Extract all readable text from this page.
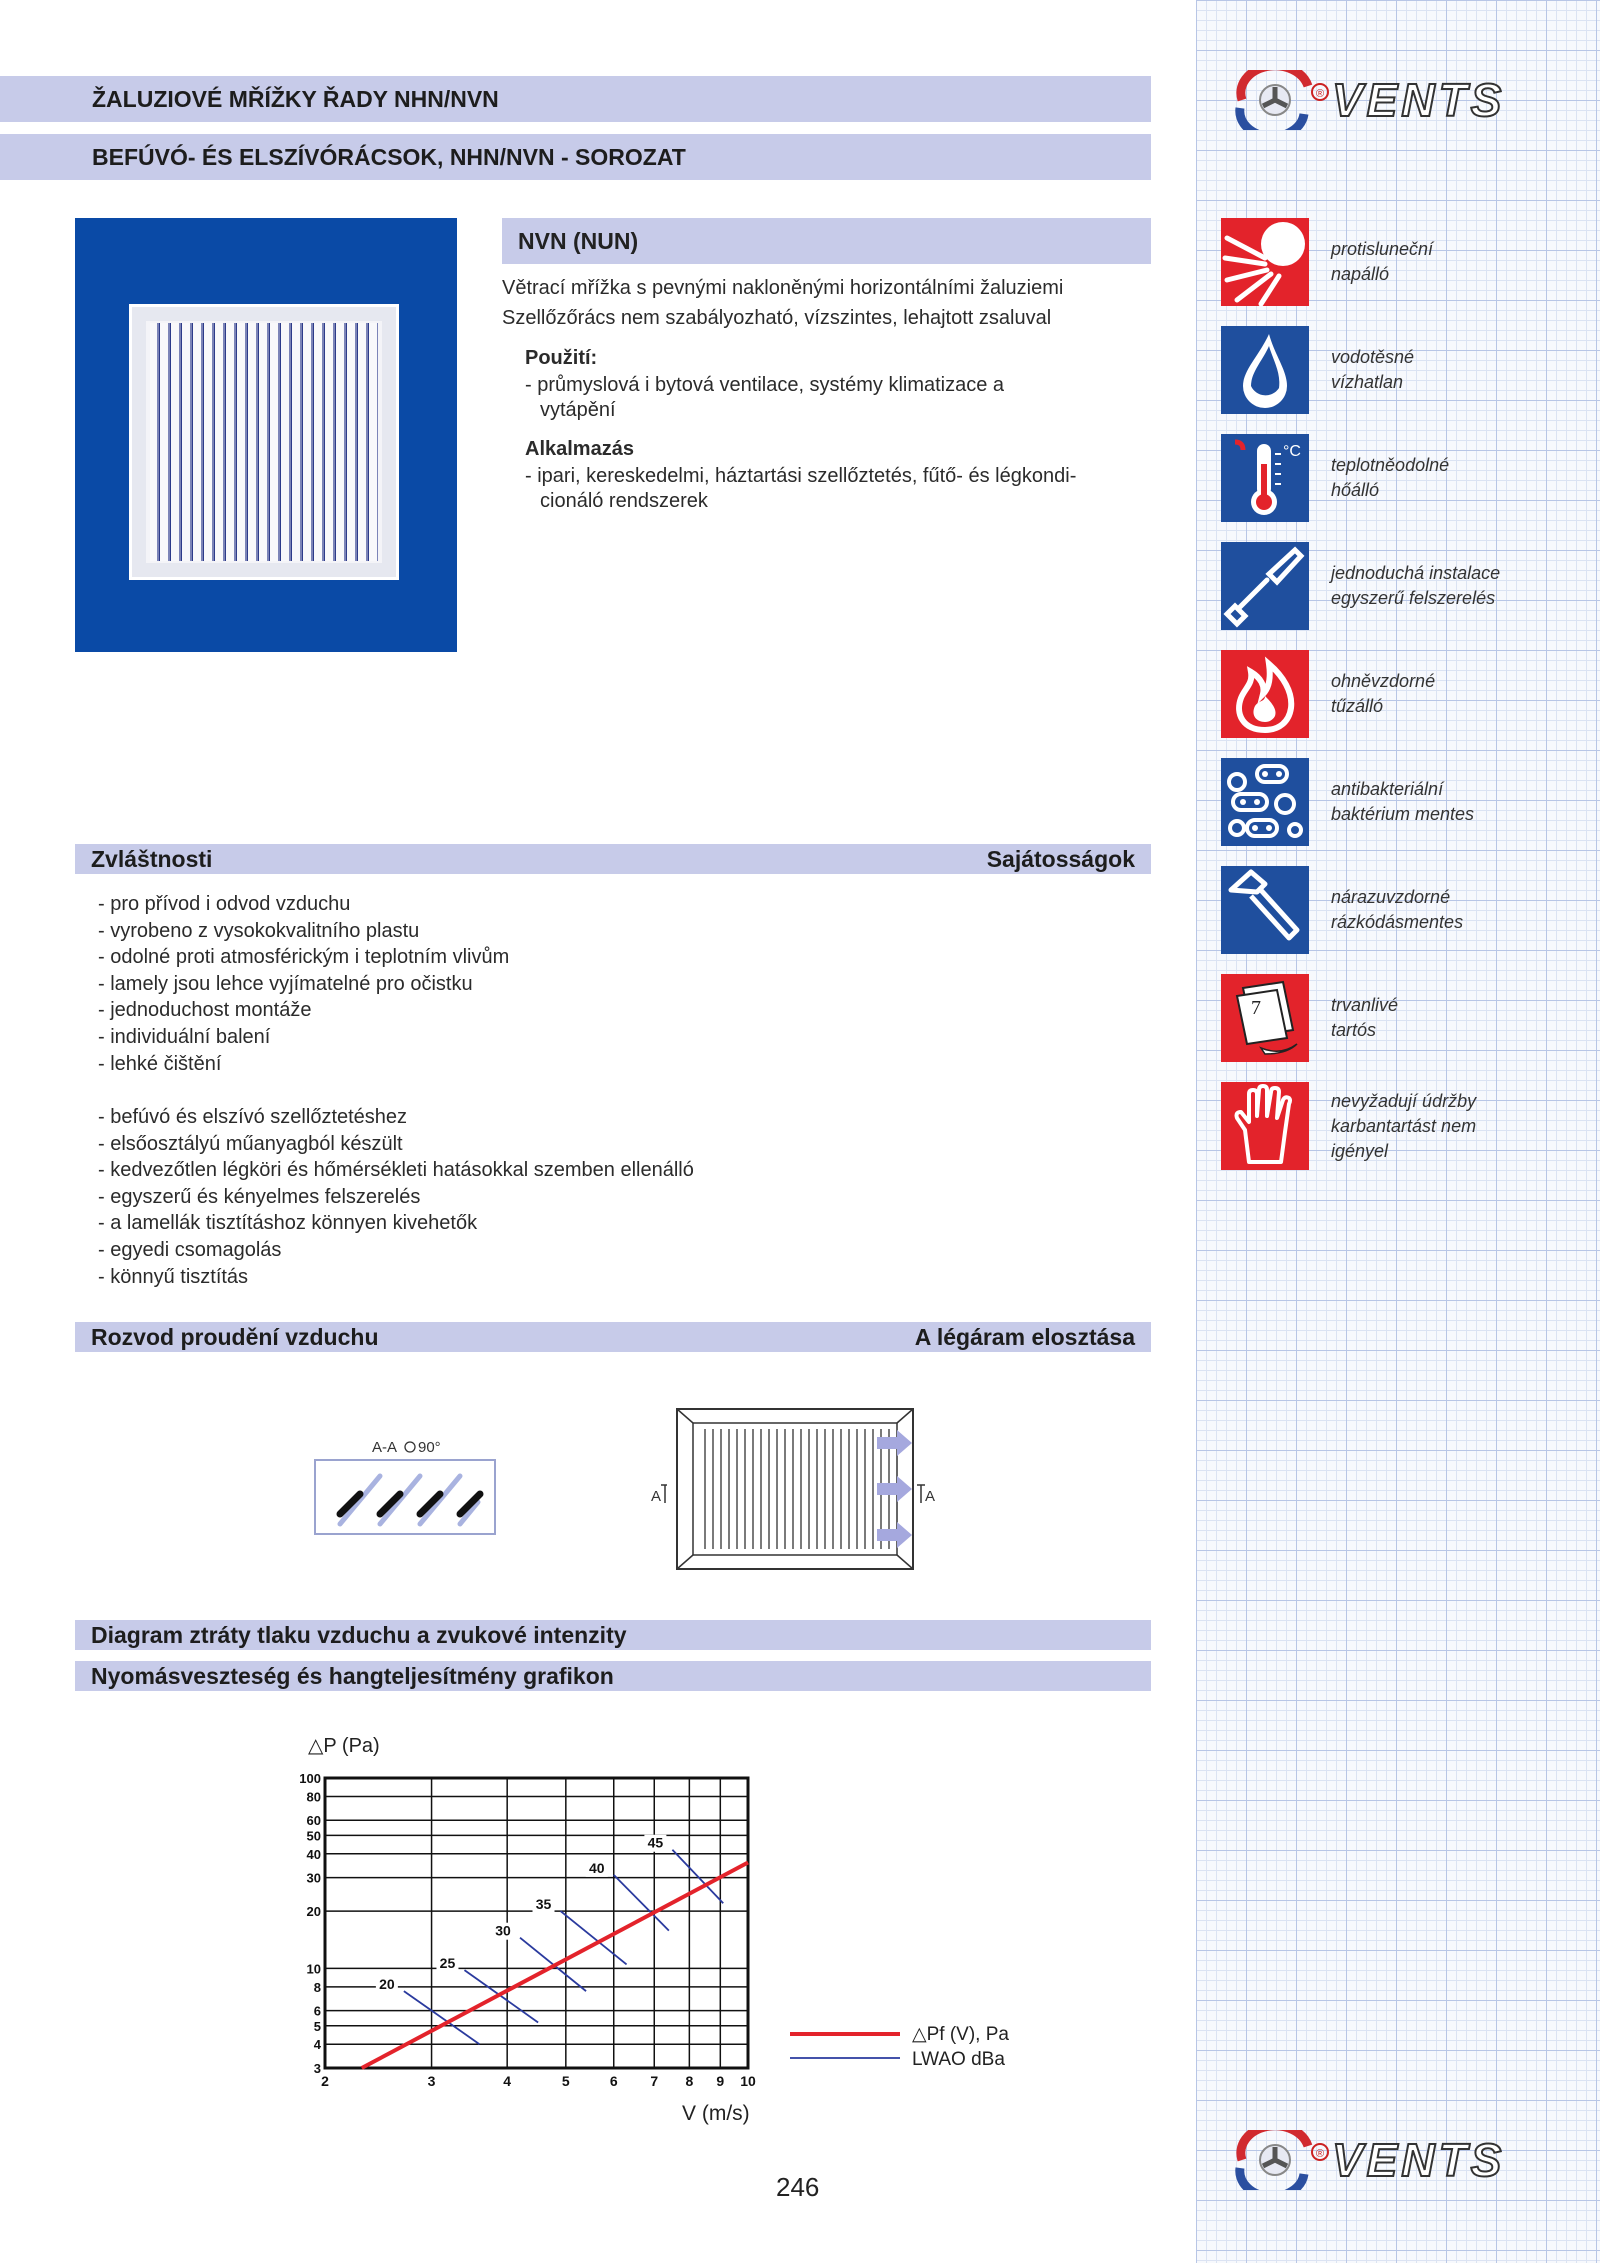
ŽALUZIOVÉ MŘÍŽKY ŘADY NHN/NVN
BEFÚVÓ- ÉS ELSZÍVÓRÁCSOK, NHN/NVN - SOROZAT
® VENTS
® VENTS
NVN (NUN)
Větrací mřížka s pevnými nakloněnými horizontálními žaluziemi
Szellőzőrács nem szabályozható, vízszintes, lehajtott zsaluval
Použití:
- průmyslová i bytová ventilace, systémy klimatizace a
vytápění
Alkalmazás
- ipari, kereskedelmi, háztartási szellőztetés, fűtő- és légkondi-
cionáló rendszerek
protisluneční
napálló
vodotěsné
vízhatlan
°C
teplotněodolné
hőálló
jednoduchá instalace
egyszerű felszerelés
ohněvzdorné
tűzálló
antibakteriální
baktérium mentes
nárazuvzdorné
rázkódásmentes
7	trvanlivé
tartós
nevyžadují údržby
karbantartást nem
igényel
Zvláštnosti	Sajátosságok
- pro přívod i odvod vzduchu
- vyrobeno z vysokokvalitního plastu
- odolné proti atmosférickým i teplotním vlivům
- lamely jsou lehce vyjímatelné pro očistku
- jednoduchost montáže
- individuální balení
- lehké čištění
- befúvó és elszívó szellőztetéshez
- elsőosztályú műanyagból készült
- kedvezőtlen légköri és hőmérsékleti hatásokkal szemben ellenálló
- egyszerű és kényelmes felszerelés
- a lamellák tisztításhoz könnyen kivehetők
- egyedi csomagolás
- könnyű tisztítás
Rozvod proudění vzduchu	A légáram elosztása
A-A 90°
A	A
Diagram ztráty tlaku vzduchu a zvukové intenzity
Nyomásveszteség és hangteljesítmény grafikon
2	3	4	5	6 7 8 9 10
3
4
5
6
8
10
20
30
40
50
60
80
100
20
25
30
35
40
45
△P (Pa)
V (m/s)
△Pf (V), Pa
LWAO dBa
246
